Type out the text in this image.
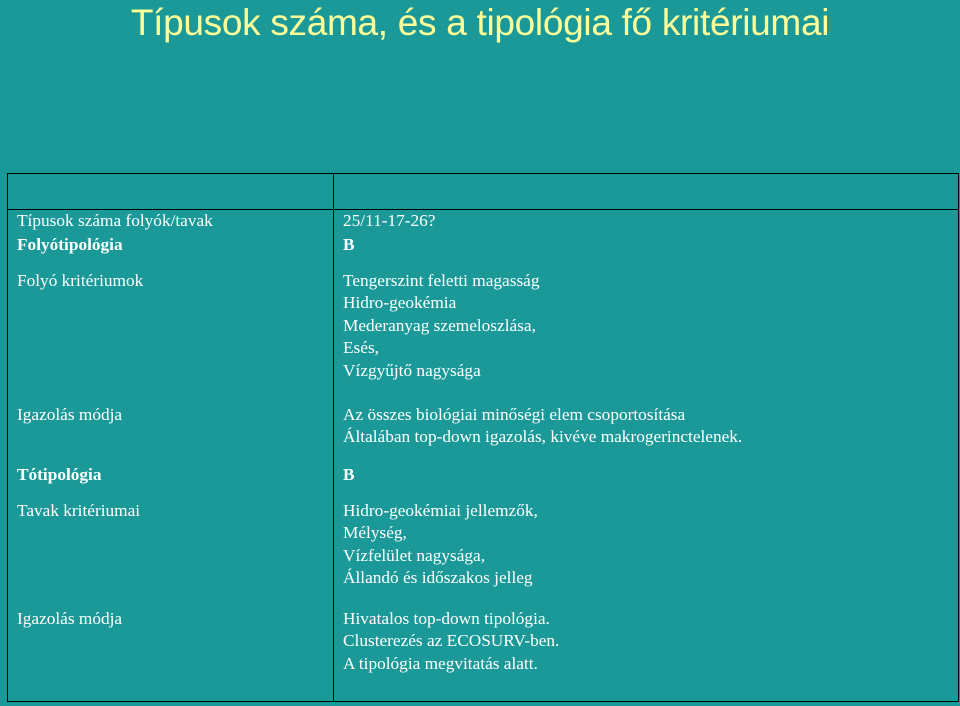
Típusok száma, és a tipológia fő kritériumai

Típusok száma folyók/tavak	25/11-17-26?

Folyótipológia	B

Folyó kritériumok	Tengerszint feletti magasság
Hidro-geokémia
Mederanyag szemeloszlása,
Esés,
Vízgyűjtő nagysága

Igazolás módja	Az összes biológiai minőségi elem csoportosítása
Általában top-down igazolás, kivéve makrogerinctelenek.

Tótipológia	B

Tavak kritériumai	Hidro-geokémiai jellemzők,
Mélység,
Vízfelület nagysága,
Állandó és időszakos jelleg

Igazolás módja	Hivatalos top-down tipológia.
Clusterezés az ECOSURV-ben.
A tipológia megvitatás alatt.
